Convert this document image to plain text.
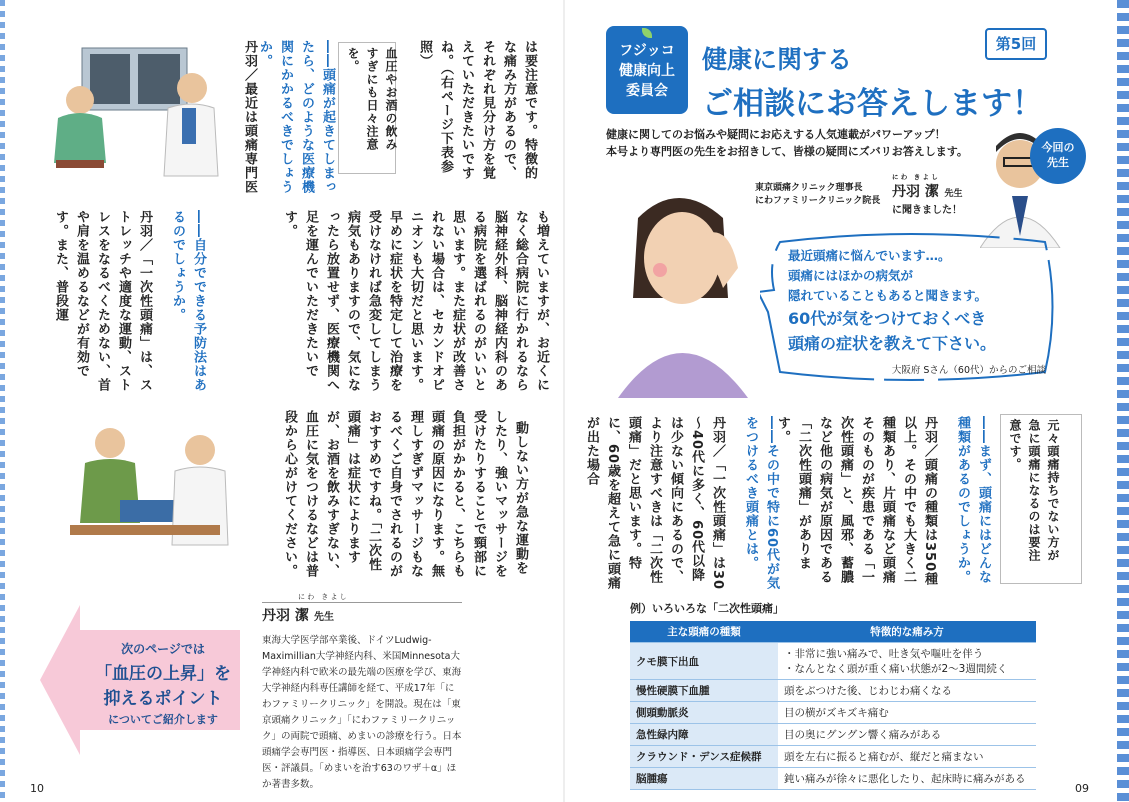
は要注意です。特徴的な痛み方があるので、それぞれ見分け方を覚えていただきたいですね。（右ページ下表参照）
血圧やお酒の飲みすぎにも日々注意を。
――頭痛が起きてしまったら、どのような医療機関にかかるべきでしょうか。
丹羽／最近は頭痛専門医
も増えていますが、お近くになく総合病院に行かれるなら脳神経外科、脳神経内科のある病院を選ばれるのがいいと思います。また症状が改善されない場合は、セカンドオピニオンも大切だと思います。早めに症状を特定して治療を受けなければ急変してしまう病気もありますので、気になったら放置せず、医療機関へ足を運んでいただきたいです。
――自分でできる予防法はあるのでしょうか。
丹羽／「一次性頭痛」は、ストレッチや適度な運動、ストレスをなるべくためない、首や肩を温めるなどが有効です。また、普段運

動しない方が急な運動をしたり、強いマッサージを受けたりすることで頸部に負担がかかると、こちらも頭痛の原因になります。無理しすぎずマッサージもなるべくご自身でされるのがおすすめですね。「二次性頭痛」は症状によりますが、お酒を飲みすぎない、血圧に気をつけるなどは普段から心がけてください。

次のページでは
「血圧の上昇」を
抑えるポイント
についてご紹介します
に わ　き よ し
丹羽 潔 先生
東海大学医学部卒業後、ドイツLudwig-Maximillian大学神経内科、米国Minnesota大学神経内科で欧米の最先端の医療を学び、東海大学神経内科専任講師を経て、平成17年「にわファミリークリニック」を開設。現在は「東京頭痛クリニック」「にわファミリークリニック」の両院で頭痛、めまいの診療を行う。日本頭痛学会専門医・指導医、日本頭痛学会専門医・評議員。「めまいを治す63のワザ＋α」ほか著書多数。
10
フジッコ
健康向上
委員会
健康に関する
ご相談にお答えします！
第5回
健康に関してのお悩みや疑問にお応えする人気連載がパワーアップ！
本号より専門医の先生をお招きして、皆様の疑問にズバリお答えします。	今回の
先生
東京頭痛クリニック理事長
にわファミリークリニック院長
に わ　き よ し
丹羽 潔 先生
に聞きました！
最近頭痛に悩んでいます…。
頭痛にはほかの病気が
隠れていることもあると聞きます。
60代が気をつけておくべき
頭痛の症状を教えて下さい。
大阪府 Sさん（60代）からのご相談
元々頭痛持ちでない方が急に頭痛になるのは要注意です。
――まず、頭痛にはどんな種類があるのでしょうか。
丹羽／頭痛の種類は350種以上。その中でも大きく二種類あり、片頭痛など頭痛そのものが疾患である「一次性頭痛」と、風邪、蓄膿など他の病気が原因である「二次性頭痛」があります。
――その中で特に60代が気をつけるべき頭痛とは。
丹羽／「一次性頭痛」は30～40代に多く、60代以降は少ない傾向にあるので、より注意すべきは「二次性頭痛」だと思います。特に、60歳を超えて急に頭痛が出た場合
例）いろいろな「二次性頭痛」
主な頭痛の種類	特徴的な痛み方
クモ膜下出血	・非常に強い痛みで、吐き気や嘔吐を伴う
・なんとなく頭が重く痛い状態が2～3週間続く

慢性硬膜下血腫	頭をぶつけた後、じわじわ痛くなる
側頭動脈炎	目の横がズキズキ痛む
急性緑内障	目の奥にグングン響く痛みがある
クラウンド・デンス症候群	頭を左右に振ると痛むが、縦だと痛まない
脳腫瘍	鈍い痛みが徐々に悪化したり、起床時に痛みがある
09
